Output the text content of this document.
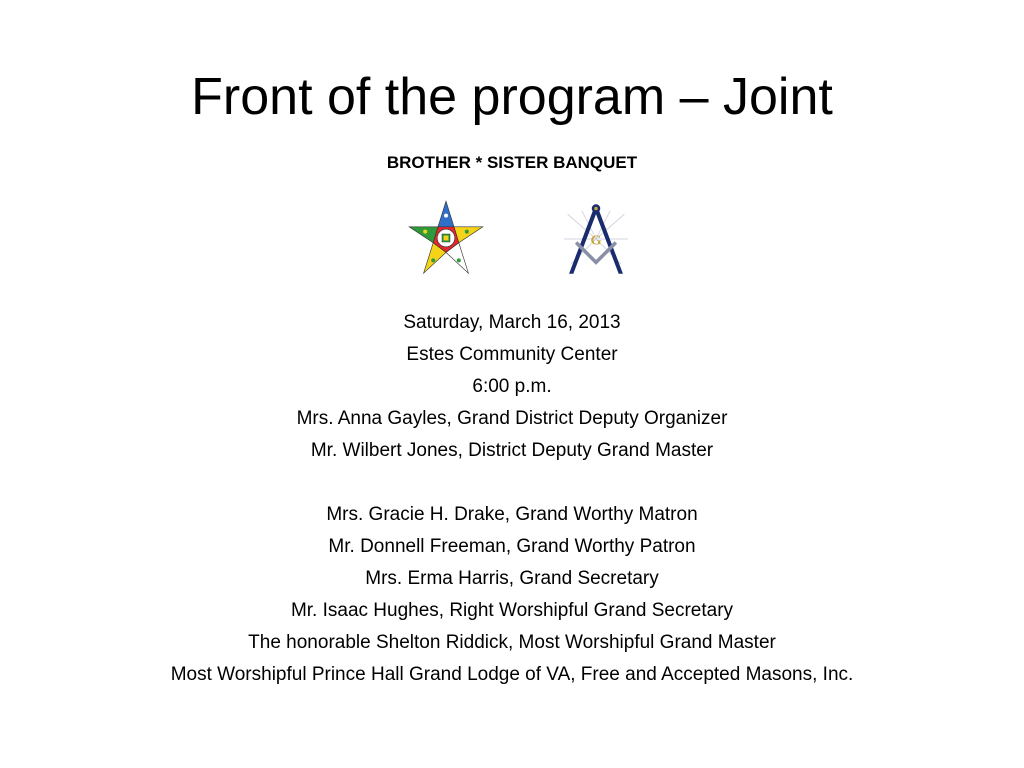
Front of the program – Joint
BROTHER * SISTER BANQUET
G
Saturday, March 16, 2013
Estes Community Center
6:00 p.m.
Mrs. Anna Gayles, Grand District Deputy Organizer
Mr. Wilbert Jones, District Deputy Grand Master
Mrs. Gracie H. Drake, Grand Worthy Matron
Mr. Donnell Freeman, Grand Worthy Patron
Mrs. Erma Harris, Grand Secretary
Mr. Isaac Hughes, Right Worshipful Grand Secretary
The honorable Shelton Riddick, Most Worshipful Grand Master
Most Worshipful Prince Hall Grand Lodge of VA, Free and Accepted Masons, Inc.
